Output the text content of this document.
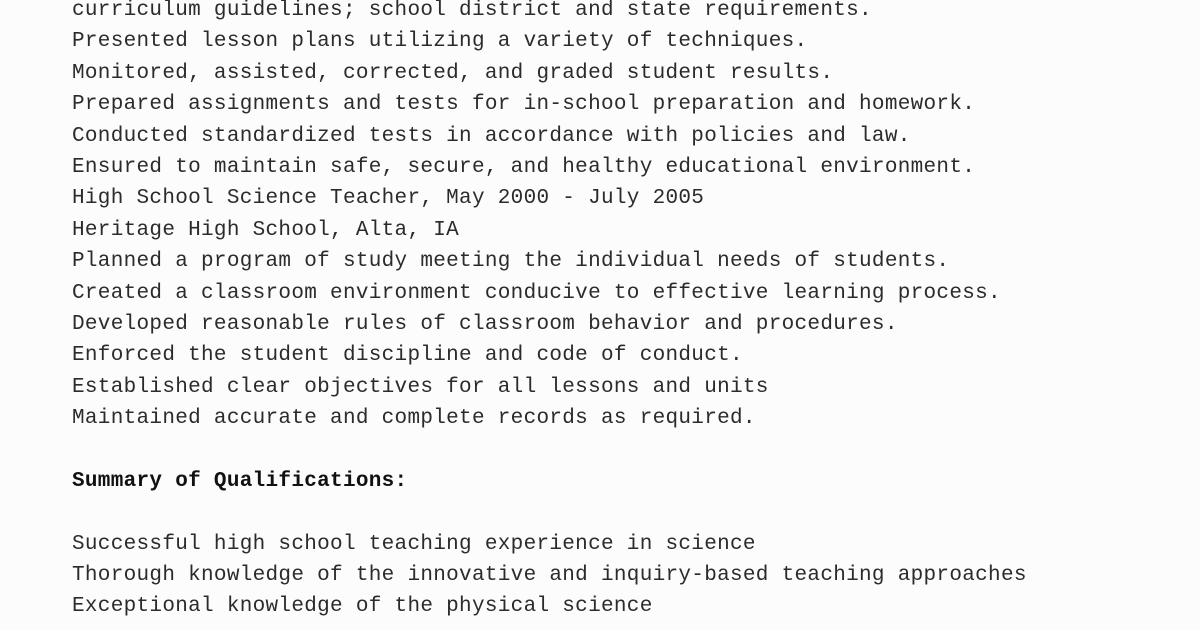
curriculum guidelines; school district and state requirements.
Presented lesson plans utilizing a variety of techniques.
Monitored, assisted, corrected, and graded student results.
Prepared assignments and tests for in-school preparation and homework.
Conducted standardized tests in accordance with policies and law.
Ensured to maintain safe, secure, and healthy educational environment.
High School Science Teacher, May 2000 - July 2005
Heritage High School, Alta, IA
Planned a program of study meeting the individual needs of students.
Created a classroom environment conducive to effective learning process.
Developed reasonable rules of classroom behavior and procedures.
Enforced the student discipline and code of conduct.
Established clear objectives for all lessons and units
Maintained accurate and complete records as required.
Summary of Qualifications:
Successful high school teaching experience in science
Thorough knowledge of the innovative and inquiry-based teaching approaches
Exceptional knowledge of the physical science
